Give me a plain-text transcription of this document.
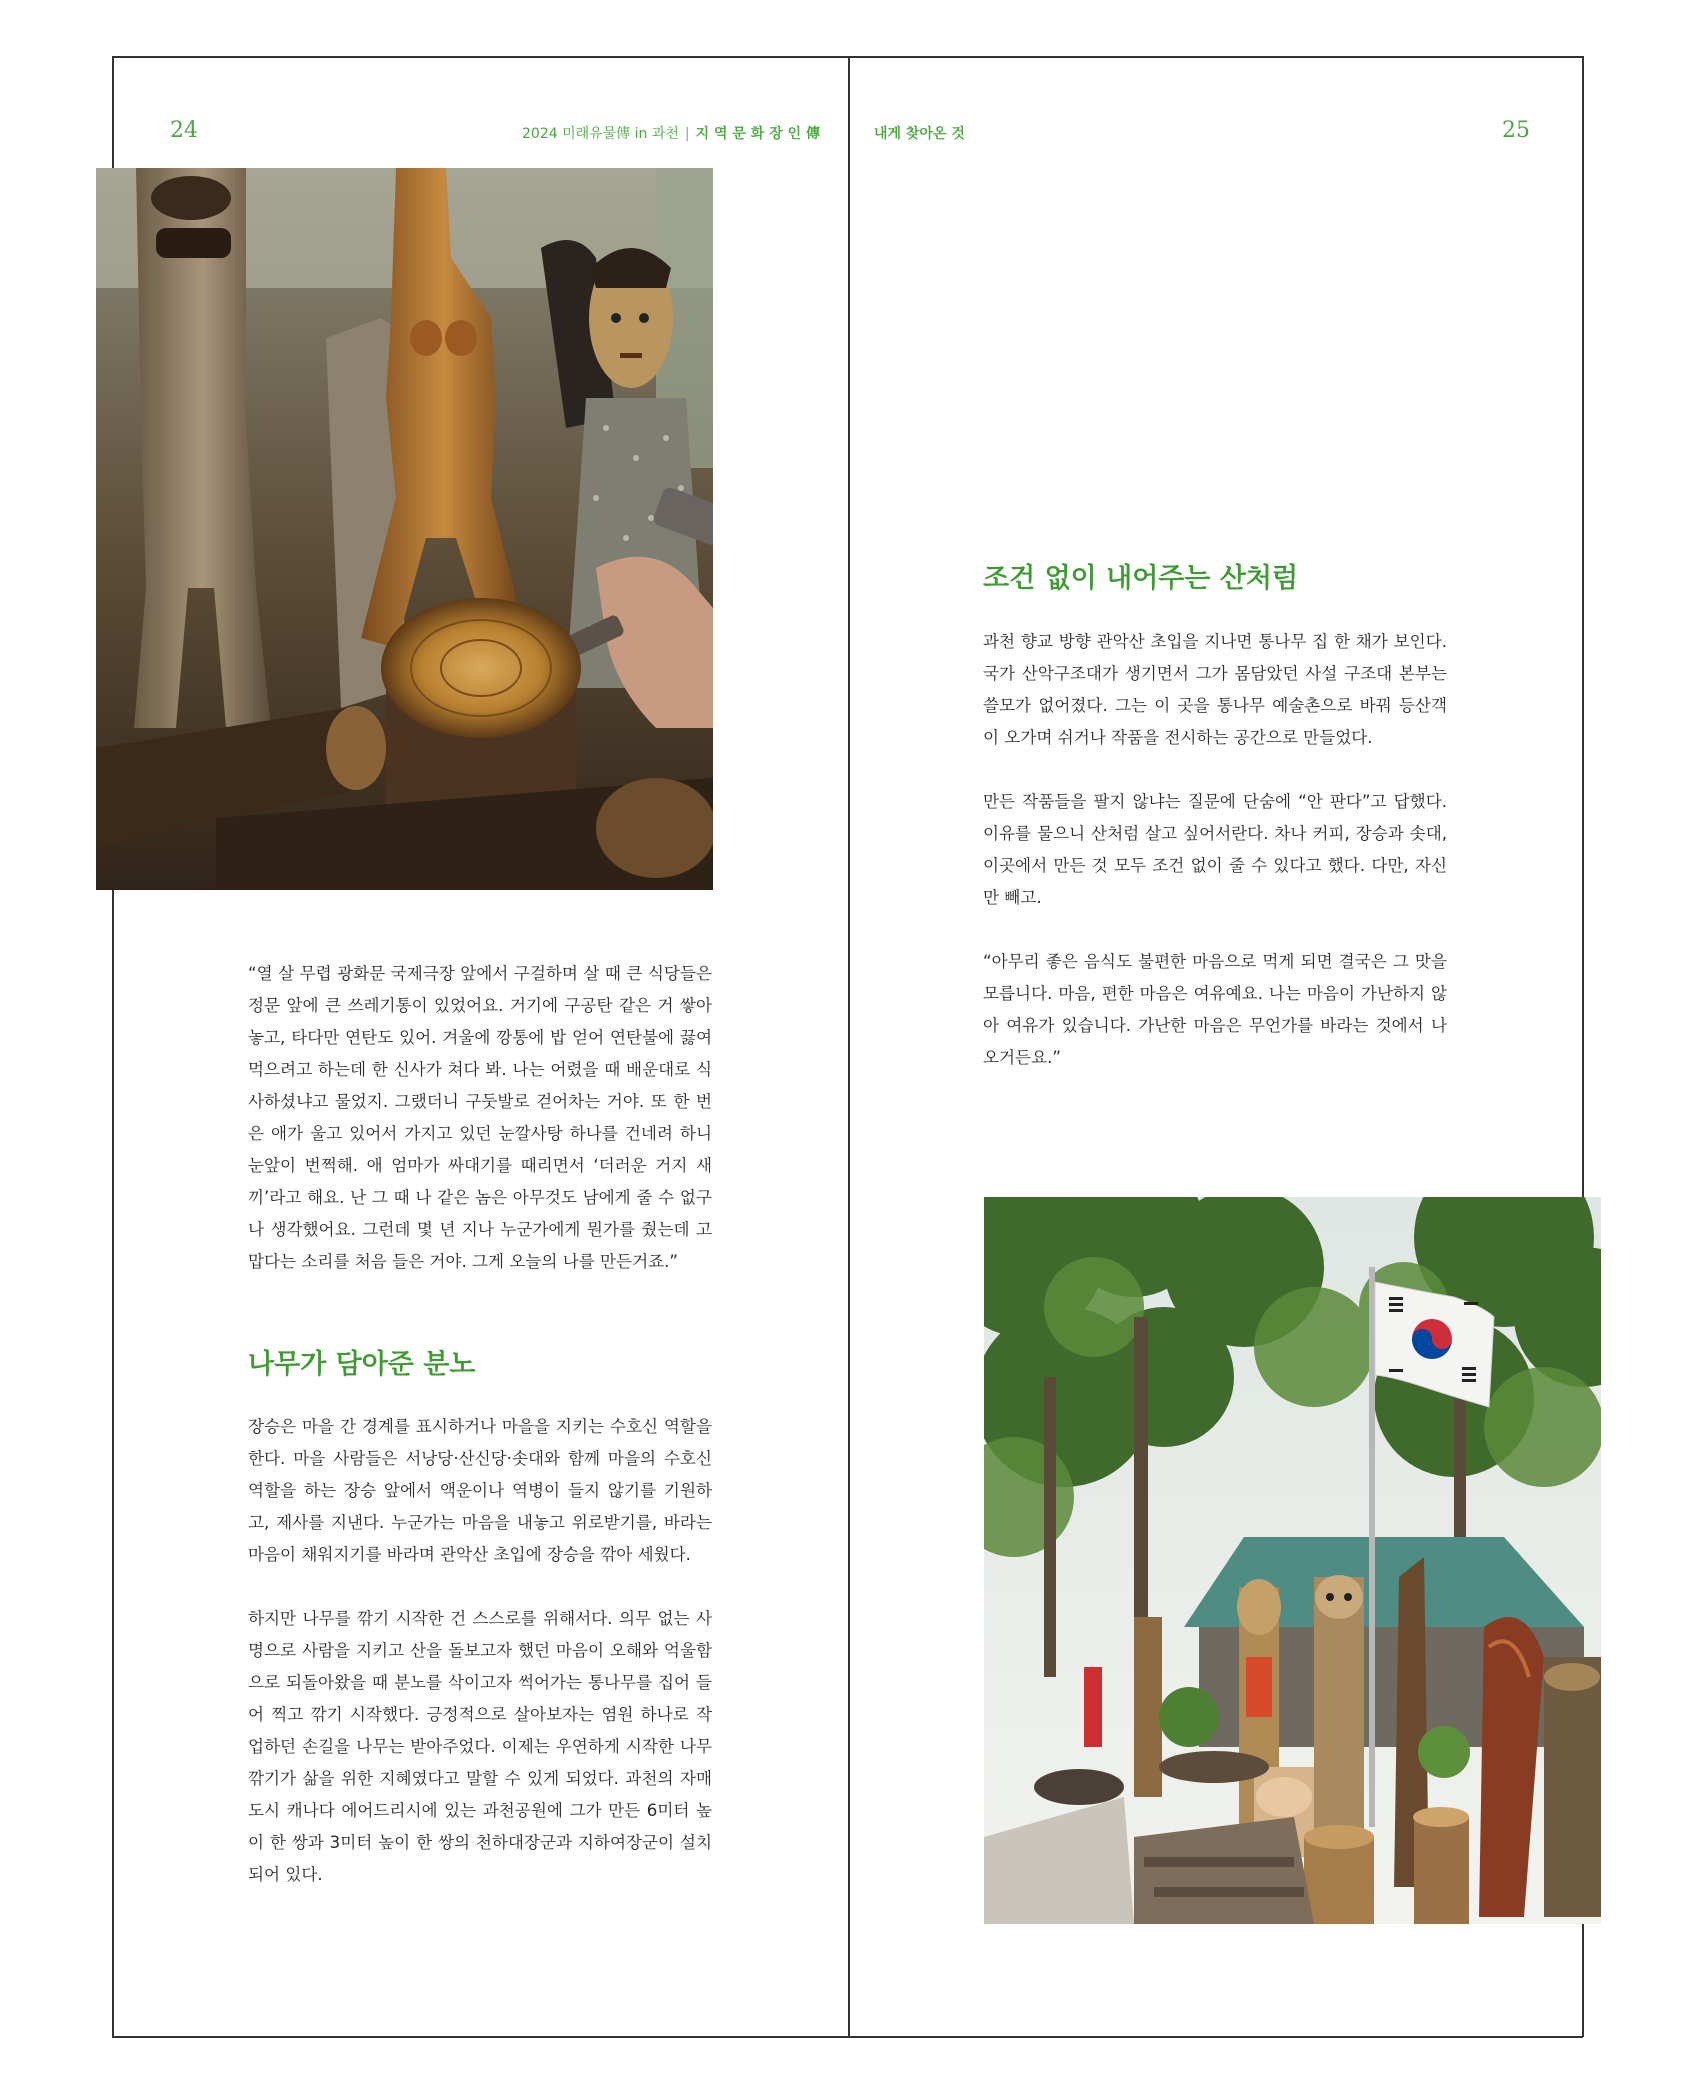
24	2024 미래유물傳 in 과천 | 지 역 문 화 장 인 傳

“열 살 무렵 광화문 국제극장 앞에서 구걸하며 살 때 큰 식당들은 정문 앞에 큰 쓰레기통이 있었어요. 거기에 구공탄 같은 거 쌓아 놓고, 타다만 연탄도 있어. 겨울에 깡통에 밥 얻어 연탄불에 끓여 먹으려고 하는데 한 신사가 쳐다 봐. 나는 어렸을 때 배운대로 식사하셨냐고 물었지. 그랬더니 구둣발로 걷어차는 거야. 또 한 번은 애가 울고 있어서 가지고 있던 눈깔사탕 하나를 건네려 하니 눈앞이 번쩍해. 애 엄마가 싸대기를 때리면서 ‘더러운 거지 새끼’라고 해요. 난 그 때 나 같은 놈은 아무것도 남에게 줄 수 없구나 생각했어요. 그런데 몇 년 지나 누군가에게 뭔가를 줬는데 고맙다는 소리를 처음 들은 거야. 그게 오늘의 나를 만든거죠.”

나무가 담아준 분노

장승은 마을 간 경계를 표시하거나 마을을 지키는 수호신 역할을 한다. 마을 사람들은 서낭당·산신당·솟대와 함께 마을의 수호신 역할을 하는 장승 앞에서 액운이나 역병이 들지 않기를 기원하고, 제사를 지낸다. 누군가는 마음을 내놓고 위로받기를, 바라는 마음이 채워지기를 바라며 관악산 초입에 장승을 깎아 세웠다.

하지만 나무를 깎기 시작한 건 스스로를 위해서다. 의무 없는 사명으로 사람을 지키고 산을 돌보고자 했던 마음이 오해와 억울함으로 되돌아왔을 때 분노를 삭이고자 썩어가는 통나무를 집어 들어 찍고 깎기 시작했다. 긍정적으로 살아보자는 염원 하나로 작업하던 손길을 나무는 받아주었다. 이제는 우연하게 시작한 나무 깎기가 삶을 위한 지혜였다고 말할 수 있게 되었다. 과천의 자매도시 캐나다 에어드리시에 있는 과천공원에 그가 만든 6미터 높이 한 쌍과 3미터 높이 한 쌍의 천하대장군과 지하여장군이 설치되어 있다.

내게 찾아온 것	25
조건 없이 내어주는 산처럼

과천 향교 방향 관악산 초입을 지나면 통나무 집 한 채가 보인다. 국가 산악구조대가 생기면서 그가 몸담았던 사설 구조대 본부는 쓸모가 없어졌다. 그는 이 곳을 통나무 예술촌으로 바꿔 등산객이 오가며 쉬거나 작품을 전시하는 공간으로 만들었다.

만든 작품들을 팔지 않냐는 질문에 단숨에 “안 판다”고 답했다. 이유를 물으니 산처럼 살고 싶어서란다. 차나 커피, 장승과 솟대, 이곳에서 만든 것 모두 조건 없이 줄 수 있다고 했다. 다만, 자신만 빼고.

“아무리 좋은 음식도 불편한 마음으로 먹게 되면 결국은 그 맛을 모릅니다. 마음, 편한 마음은 여유예요. 나는 마음이 가난하지 않아 여유가 있습니다. 가난한 마음은 무언가를 바라는 것에서 나오거든요.”
